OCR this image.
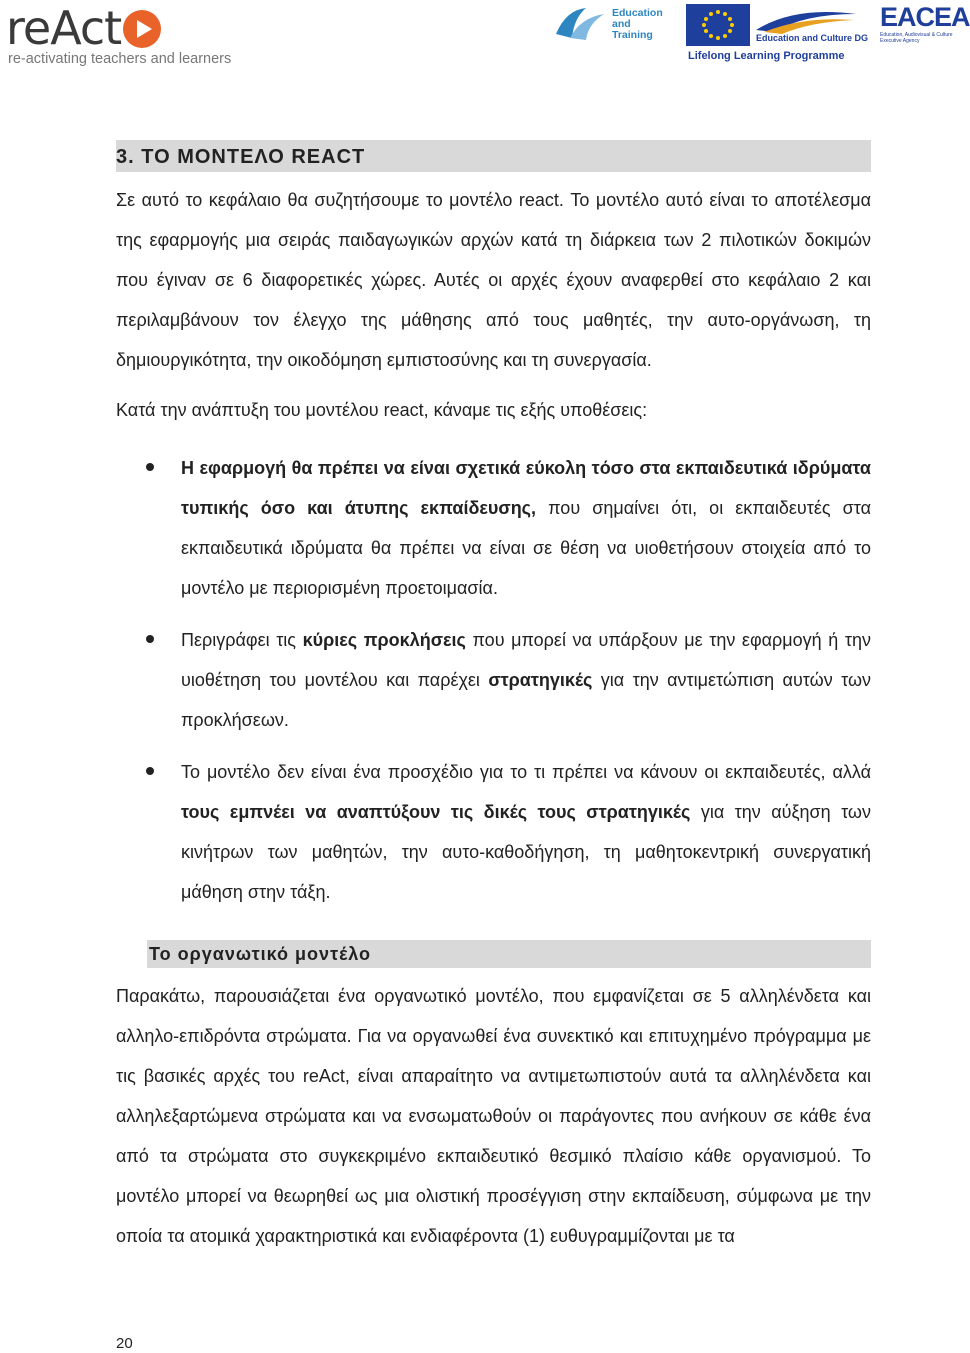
reAct
re-activating teachers and learners
Education
and
Training	Education and Culture DG
Lifelong Learning Programme
EACEA
Education, Audiovisual & Culture Executive Agency
3. ΤΟ ΜΟΝΤΕΛΟ REACT

Σε αυτό το κεφάλαιο θα συζητήσουμε το μοντέλο react. Το μοντέλο αυτό είναι το αποτέλεσμα της εφαρμογής μια σειράς παιδαγωγικών αρχών κατά τη διάρκεια των 2 πιλοτικών δοκιμών που έγιναν σε 6 διαφορετικές χώρες. Αυτές οι αρχές έχουν αναφερθεί στο κεφάλαιο 2 και περιλαμβάνουν τον έλεγχο της μάθησης από τους μαθητές, την αυτο-οργάνωση, τη δημιουργικότητα, την οικοδόμηση εμπιστοσύνης και τη συνεργασία.

Κατά την ανάπτυξη του μοντέλου react, κάναμε τις εξής υποθέσεις:

Η εφαρμογή θα πρέπει να είναι σχετικά εύκολη τόσο στα εκπαιδευτικά ιδρύματα τυπικής όσο και άτυπης εκπαίδευσης, που σημαίνει ότι, οι εκπαιδευτές στα εκπαιδευτικά ιδρύματα θα πρέπει να είναι σε θέση να υιοθετήσουν στοιχεία από το μοντέλο με περιορισμένη προετοιμασία.
Περιγράφει τις κύριες προκλήσεις που μπορεί να υπάρξουν με την εφαρμογή ή την υιοθέτηση του μοντέλου και παρέχει στρατηγικές για την αντιμετώπιση αυτών των προκλήσεων.
Το μοντέλο δεν είναι ένα προσχέδιο για το τι πρέπει να κάνουν οι εκπαιδευτές, αλλά τους εμπνέει να αναπτύξουν τις δικές τους στρατηγικές για την αύξηση των κινήτρων των μαθητών, την αυτο-καθοδήγηση, τη μαθητοκεντρική συνεργατική μάθηση στην τάξη.
Το οργανωτικό μοντέλο

Παρακάτω, παρουσιάζεται ένα οργανωτικό μοντέλο, που εμφανίζεται σε 5 αλληλένδετα και αλληλο-επιδρόντα στρώματα. Για να οργανωθεί ένα συνεκτικό και επιτυχημένο πρόγραμμα με τις βασικές αρχές του reAct, είναι απαραίτητο να αντιμετωπιστούν αυτά τα αλληλένδετα και αλληλεξαρτώμενα στρώματα και να ενσωματωθούν οι παράγοντες που ανήκουν σε κάθε ένα από τα στρώματα στο συγκεκριμένο εκπαιδευτικό θεσμικό πλαίσιο κάθε οργανισμού. Το μοντέλο μπορεί να θεωρηθεί ως μια ολιστική προσέγγιση στην εκπαίδευση, σύμφωνα με την οποία τα ατομικά χαρακτηριστικά και ενδιαφέροντα (1) ευθυγραμμίζονται με τα

20
